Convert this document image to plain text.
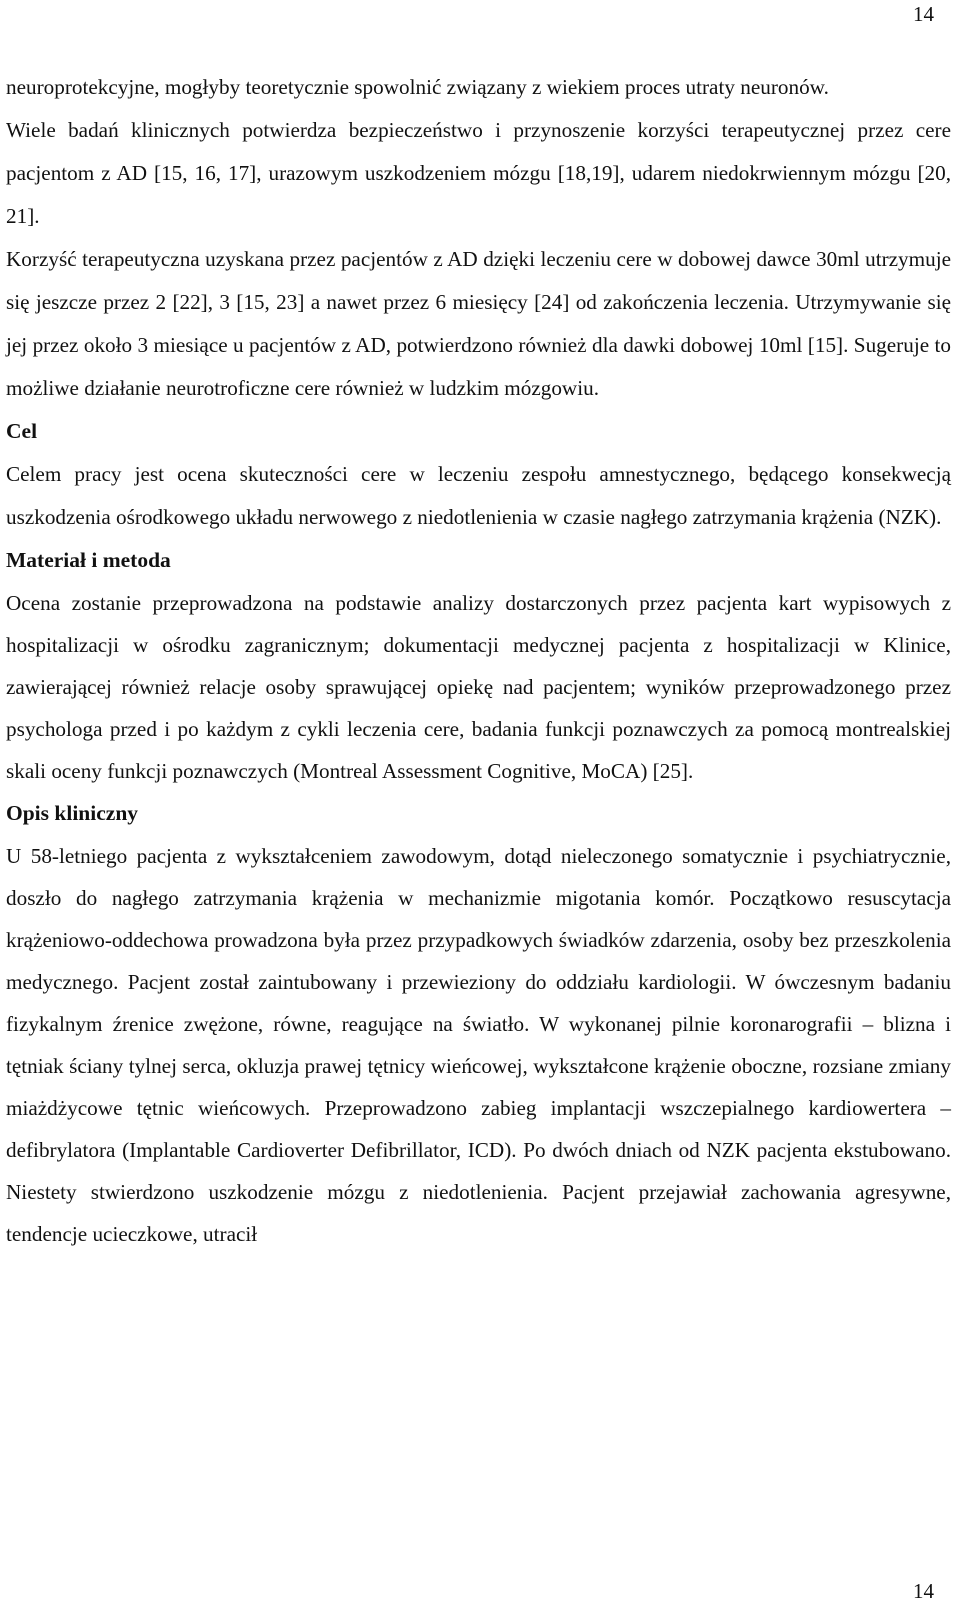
14

neuroprotekcyjne, mogłyby teoretycznie spowolnić związany z wiekiem proces utraty neuronów.

Wiele badań klinicznych potwierdza bezpieczeństwo i przynoszenie korzyści terapeutycznej przez cere pacjentom z AD [15, 16, 17], urazowym uszkodzeniem mózgu [18,19], udarem niedokrwiennym mózgu [20, 21].

Korzyść terapeutyczna uzyskana przez pacjentów z AD dzięki leczeniu cere w dobowej dawce 30ml utrzymuje się jeszcze przez 2 [22], 3 [15, 23] a nawet przez 6 miesięcy [24] od zakończenia leczenia. Utrzymywanie się jej przez około 3 miesiące u pacjentów z AD, potwierdzono również dla dawki dobowej 10ml [15]. Sugeruje to możliwe działanie neurotroficzne cere również w ludzkim mózgowiu.

Cel

Celem pracy jest ocena skuteczności cere w leczeniu zespołu amnestycznego, będącego konsekwecją uszkodzenia ośrodkowego układu nerwowego z niedotlenienia w czasie nagłego zatrzymania krążenia (NZK).

Materiał i metoda

Ocena zostanie przeprowadzona na podstawie analizy dostarczonych przez pacjenta kart wypisowych z hospitalizacji w ośrodku zagranicznym; dokumentacji medycznej pacjenta z hospitalizacji w Klinice, zawierającej również relacje osoby sprawującej opiekę nad pacjentem; wyników przeprowadzonego przez psychologa przed i po każdym z cykli leczenia cere, badania funkcji poznawczych za pomocą montrealskiej skali oceny funkcji poznawczych (Montreal Assessment Cognitive, MoCA) [25].

Opis kliniczny

U 58-letniego pacjenta z wykształceniem zawodowym, dotąd nieleczonego somatycznie i psychiatrycznie, doszło do nagłego zatrzymania krążenia w mechanizmie migotania komór. Początkowo resuscytacja krążeniowo-oddechowa prowadzona była przez przypadkowych świadków zdarzenia, osoby bez przeszkolenia medycznego. Pacjent został zaintubowany i przewieziony do oddziału kardiologii. W ówczesnym badaniu fizykalnym źrenice zwężone, równe, reagujące na światło. W wykonanej pilnie koronarografii – blizna i tętniak ściany tylnej serca, okluzja prawej tętnicy wieńcowej, wykształcone krążenie oboczne, rozsiane zmiany miażdżycowe tętnic wieńcowych. Przeprowadzono zabieg implantacji wszczepialnego kardiowertera – defibrylatora (Implantable Cardioverter Defibrillator, ICD). Po dwóch dniach od NZK pacjenta ekstubowano. Niestety stwierdzono uszkodzenie mózgu z niedotlenienia. Pacjent przejawiał zachowania agresywne, tendencje ucieczkowe, utracił

14
